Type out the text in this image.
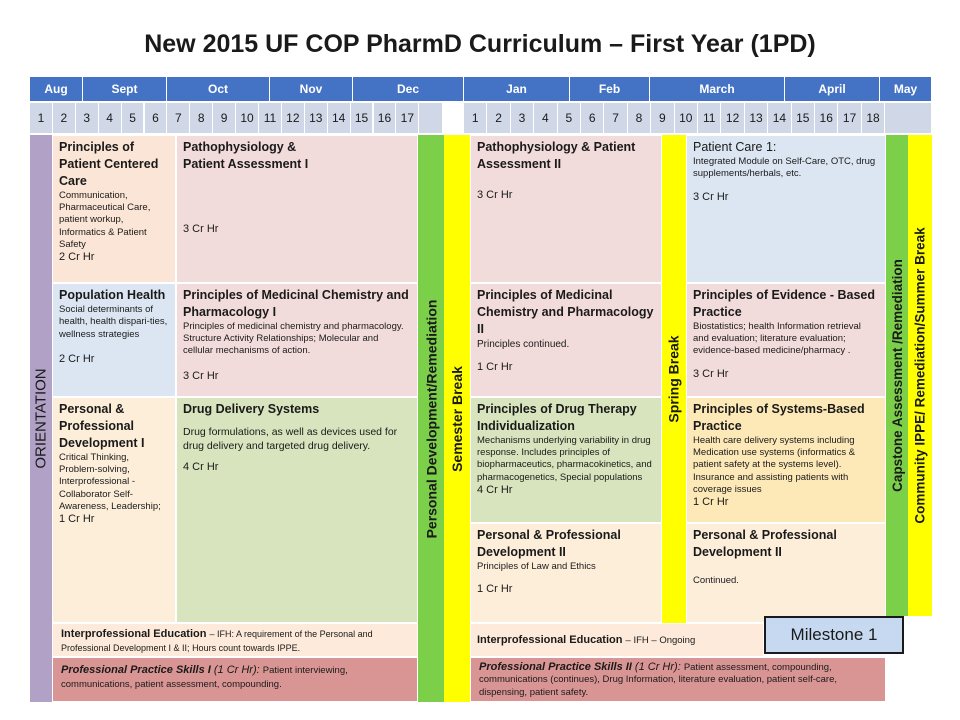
New 2015 UF COP PharmD Curriculum – First Year (1PD)
Aug	Sept	Oct	Nov	Dec	Jan	Feb	March	April	May
1	2	3	4	5	6	7	8	9	10 11 12 13 14 15 16 17	1	2	3	4	5	6	7	8	9	10 11 12 13 14 15 16 17 18
ORIENTATION
Principles of Patient Centered Care
Communication, Pharmaceutical Care, patient workup, Informatics & Patient Safety
2 Cr Hr
Pathophysiology & Patient Assessment I
3 Cr Hr
Pathophysiology & Patient Assessment II
3 Cr Hr
Patient Care 1:
Integrated Module on Self-Care, OTC, drug supplements/herbals, etc.
3 Cr Hr
Population Health
Social determinants of health, health dispari-ties, wellness strategies
2 Cr Hr
Principles of Medicinal Chemistry and Pharmacology I
Principles of medicinal chemistry and pharmacology. Structure Activity Relationships; Molecular and cellular mechanisms of action.
3 Cr Hr
Principles of Medicinal Chemistry and Pharmacology II
Principles continued.
1 Cr Hr
Principles of Evidence - Based Practice
Biostatistics; health Information retrieval and evaluation; literature evaluation; evidence-based medicine/pharmacy .
3 Cr Hr
Personal & Professional Development I
Critical Thinking, Problem-solving, Interprofessional - Collaborator Self-Awareness, Leadership;
1 Cr Hr
Drug Delivery Systems
Drug formulations, as well as devices used for drug delivery and targeted drug delivery.
4 Cr Hr
Principles of Drug Therapy Individualization
Mechanisms underlying variability in drug response. Includes principles of biopharmaceutics, pharmacokinetics, and pharmacogenetics, Special populations
4 Cr Hr
Principles of Systems-Based Practice
Health care delivery systems including Medication use systems (informatics & patient safety at the systems level). Insurance and assisting patients with coverage issues
1 Cr Hr
Personal & Professional Development II
Principles of Law and Ethics
1 Cr Hr
Personal & Professional Development II
Continued.
Interprofessional Education – IFH: A requirement of the Personal and Professional Development I & II; Hours count towards IPPE.
Interprofessional Education – IFH – Ongoing	Milestone 1
Professional Practice Skills I (1 Cr Hr): Patient interviewing, communications, patient assessment, compounding.
Professional Practice Skills II (1 Cr Hr): Patient assessment, compounding, communications (continues), Drug Information, literature evaluation, patient self-care, dispensing, patient safety.
Personal Development/Remediation Semester Break	Spring Break	Capstone Assessment /Remediation Community IPPE/ Remediation/Summer Break
